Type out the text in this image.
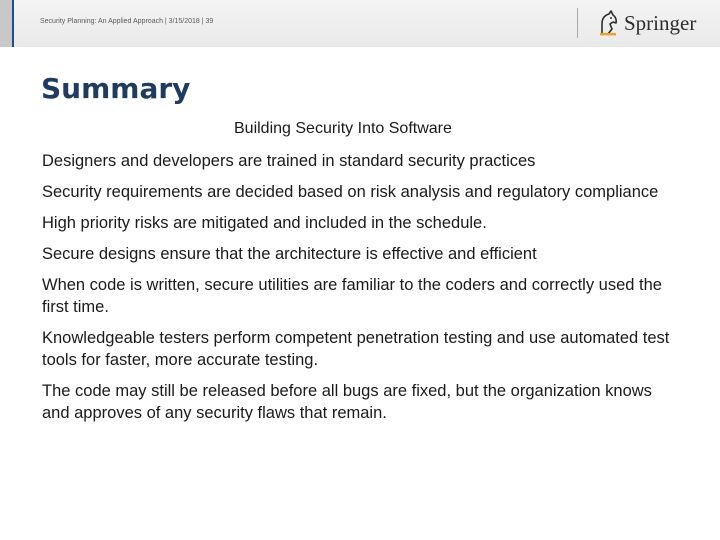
Security Planning: An Applied Approach | 3/15/2018 | 39	Springer
Summary
Building Security Into Software
Designers and developers are trained in standard security practices
Security requirements are decided based on risk analysis and regulatory compliance
High priority risks are mitigated and included in the schedule.
Secure designs ensure that the architecture is effective and efficient
When code is written, secure utilities are familiar to the coders and correctly used the first time.
Knowledgeable testers perform competent penetration testing and use automated test tools for faster, more accurate testing.
The code may still be released before all bugs are fixed, but the organization knows and approves of any security flaws that remain.
